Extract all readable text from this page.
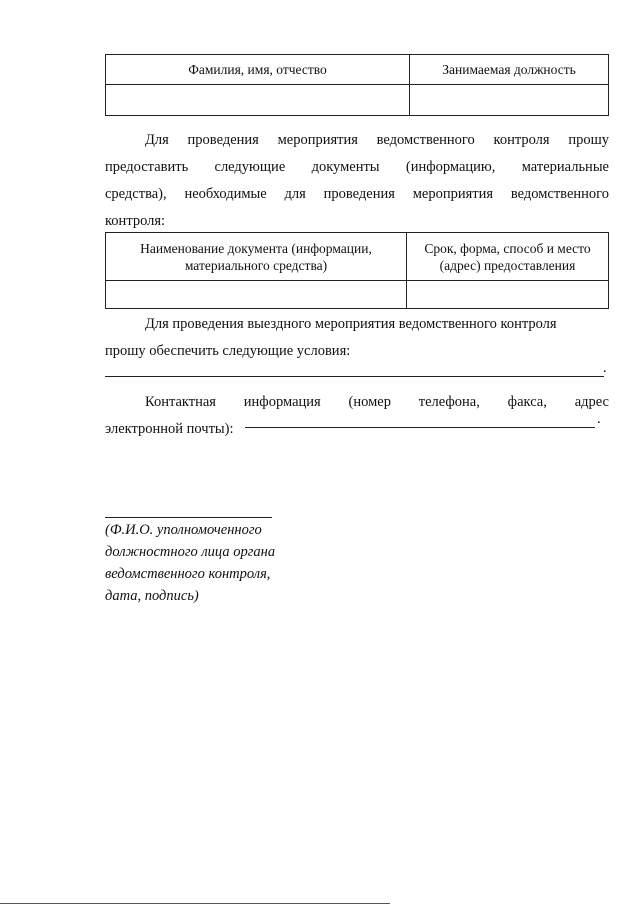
Фамилия, имя, отчество	Занимаемая должность

Для проведения мероприятия ведомственного контроля прошу
предоставить следующие документы (информацию, материальные
средства), необходимые для проведения мероприятия ведомственного
контроля:
Наименование документа (информации,
материального средства)	Срок, форма, способ и место
(адрес) предоставления

Для проведения выездного мероприятия ведомственного контроля
прошу обеспечить следующие условия:
.
Контактная информация (номер телефона, факса, адрес
электронной почты):
.
(Ф.И.О. уполномоченного
должностного лица органа
ведомственного контроля,
дата, подпись)
